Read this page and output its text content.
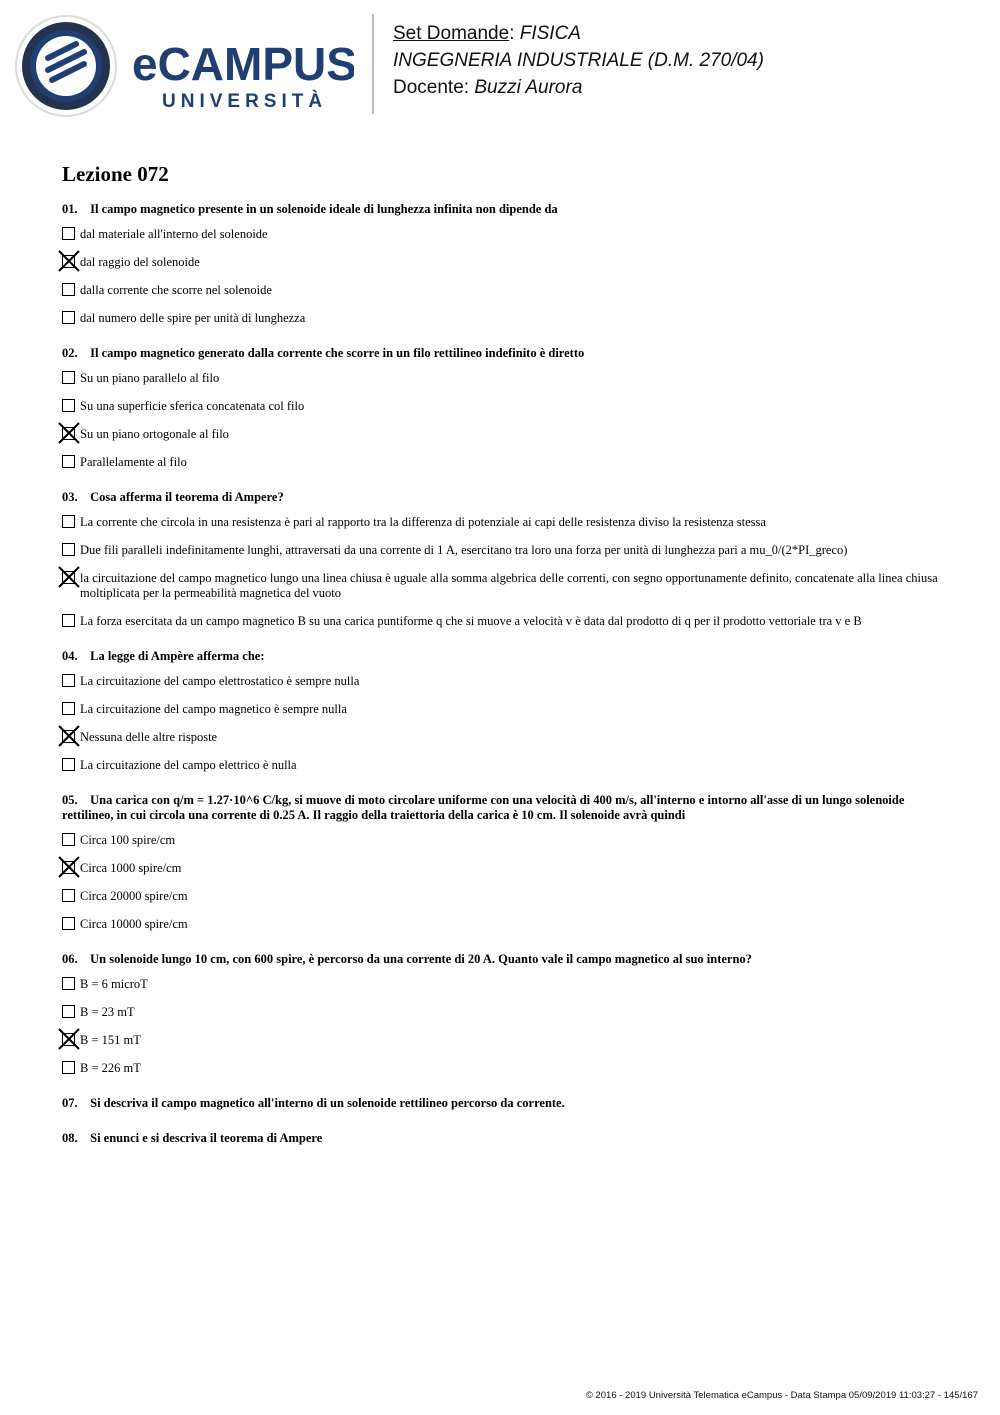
eCAMPUS
UNIVERSITÀ
Set Domande: FISICA
INGEGNERIA INDUSTRIALE (D.M. 270/04)
Docente: Buzzi Aurora
Lezione 072
01. Il campo magnetico presente in un solenoide ideale di lunghezza infinita non dipende da
dal materiale all'interno del solenoide
dal raggio del solenoide
dalla corrente che scorre nel solenoide
dal numero delle spire per unità di lunghezza
02. Il campo magnetico generato dalla corrente che scorre in un filo rettilineo indefinito è diretto
Su un piano parallelo al filo
Su una superficie sferica concatenata col filo
Su un piano ortogonale al filo
Parallelamente al filo
03. Cosa afferma il teorema di Ampere?
La corrente che circola in una resistenza è pari al rapporto tra la differenza di potenziale ai capi delle resistenza diviso la resistenza stessa
Due fili paralleli indefinitamente lunghi, attraversati da una corrente di 1 A, esercitano tra loro una forza per unità di lunghezza pari a mu_0/(2*PI_greco)
la circuitazione del campo magnetico lungo una linea chiusa è uguale alla somma algebrica delle correnti, con segno opportunamente definito, concatenate alla linea chiusa moltiplicata per la permeabilità magnetica del vuoto
La forza esercitata da un campo magnetico B su una carica puntiforme q che si muove a velocità v è data dal prodotto di q per il prodotto vettoriale tra v e B
04. La legge di Ampère afferma che:
La circuitazione del campo elettrostatico è sempre nulla
La circuitazione del campo magnetico è sempre nulla
Nessuna delle altre risposte
La circuitazione del campo elettrico è nulla
05. Una carica con q/m = 1.27·10^6 C/kg, si muove di moto circolare uniforme con una velocità di 400 m/s, all'interno e intorno all'asse di un lungo solenoide rettilineo, in cui circola una corrente di 0.25 A. Il raggio della traiettoria della carica è 10 cm. Il solenoide avrà quindi
Circa 100 spire/cm
Circa 1000 spire/cm
Circa 20000 spire/cm
Circa 10000 spire/cm
06. Un solenoide lungo 10 cm, con 600 spire, è percorso da una corrente di 20 A. Quanto vale il campo magnetico al suo interno?
B = 6 microT
B = 23 mT
B = 151 mT
B = 226 mT
07. Si descriva il campo magnetico all'interno di un solenoide rettilineo percorso da corrente.
08. Si enunci e si descriva il teorema di Ampere
© 2016 - 2019 Università Telematica eCampus - Data Stampa 05/09/2019 11:03:27 - 145/167
